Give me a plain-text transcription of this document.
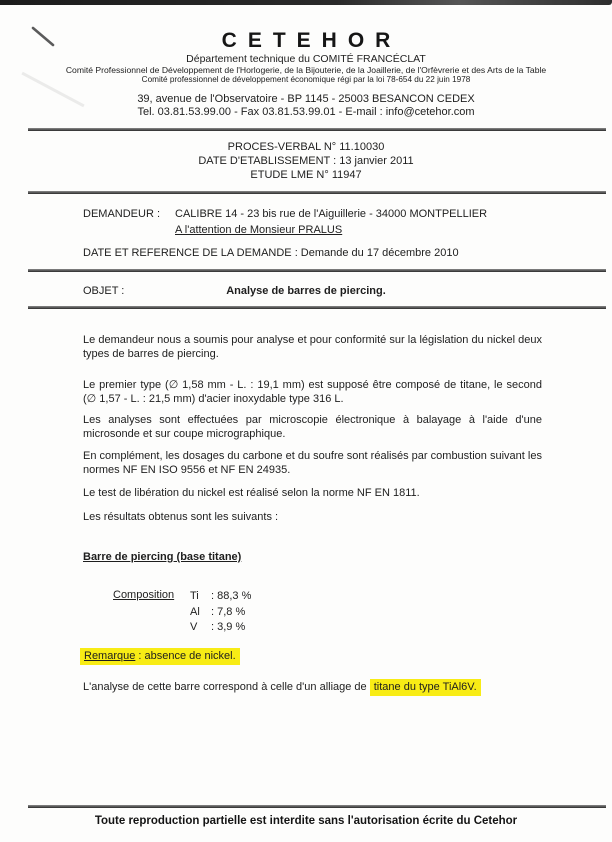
CETEHOR
Département technique du COMITÉ FRANCÉCLAT
Comité Professionnel de Développement de l'Horlogerie, de la Bijouterie, de la Joaillerie, de l'Orfèvrerie et des Arts de la Table
Comité professionnel de développement économique régi par la loi 78-654 du 22 juin 1978
39, avenue de l'Observatoire - BP 1145 - 25003 BESANCON CEDEX
Tel. 03.81.53.99.00 - Fax 03.81.53.99.01 - E-mail : info@cetehor.com
PROCES-VERBAL N° 11.10030
DATE D'ETABLISSEMENT : 13 janvier 2011
ETUDE LME N° 11947
DEMANDEUR : CALIBRE 14 - 23 bis rue de l'Aiguillerie - 34000 MONTPELLIER
A l'attention de Monsieur PRALUS
DATE ET REFERENCE DE LA DEMANDE : Demande du 17 décembre 2010
OBJET :	Analyse de barres de piercing.

Le demandeur nous a soumis pour analyse et pour conformité sur la législation du nickel deux types de barres de piercing.

Le premier type (∅ 1,58 mm - L. : 19,1 mm) est supposé être composé de titane, le second (∅ 1,57 - L. : 21,5 mm) d'acier inoxydable type 316 L.

Les analyses sont effectuées par microscopie électronique à balayage à l'aide d'une microsonde et sur coupe micrographique.

En complément, les dosages du carbone et du soufre sont réalisés par combustion suivant les normes NF EN ISO 9556 et NF EN 24935.

Le test de libération du nickel est réalisé selon la norme NF EN 1811.

Les résultats obtenus sont les suivants :

Barre de piercing (base titane)
Composition	Ti	: 88,3 %
Al	: 7,8 %
V	: 3,9 %
Remarque : absence de nickel.
L'analyse de cette barre correspond à celle d'un alliage de titane du type TiAl6V.
Toute reproduction partielle est interdite sans l'autorisation écrite du Cetehor
